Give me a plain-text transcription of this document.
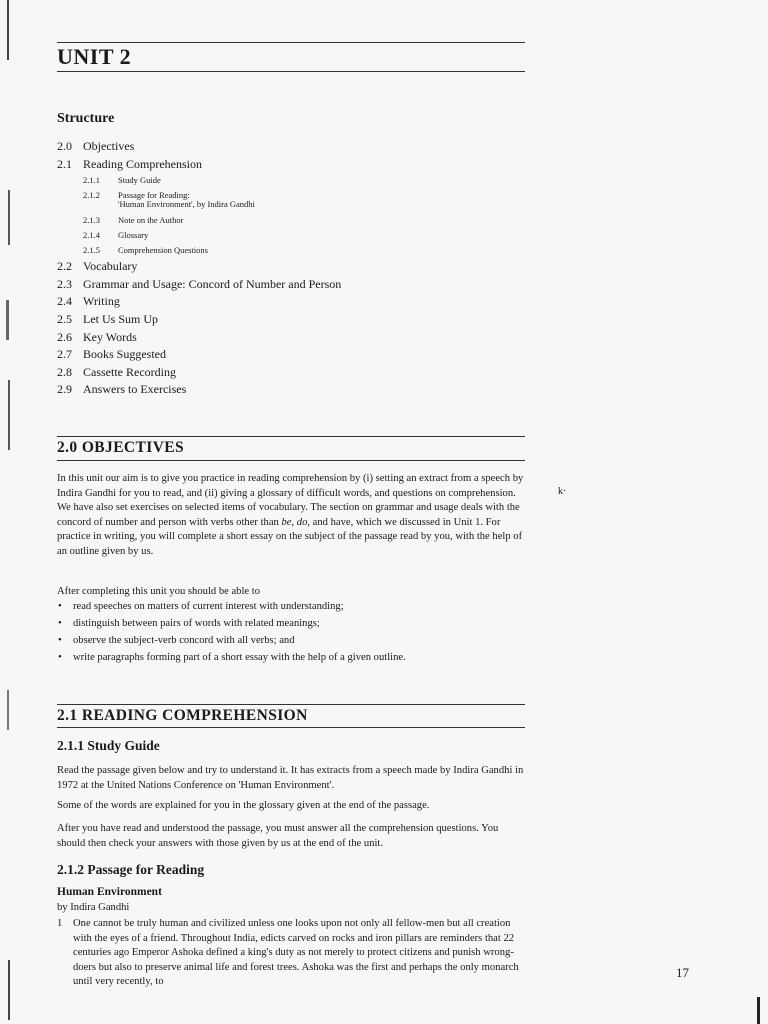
UNIT 2
Structure
2.0 Objectives
2.1 Reading Comprehension
2.1.1 Study Guide
2.1.2 Passage for Reading:
'Human Environment', by Indira Gandhi
2.1.3 Note on the Author
2.1.4 Glossary
2.1.5 Comprehension Questions
2.2 Vocabulary
2.3 Grammar and Usage: Concord of Number and Person
2.4 Writing
2.5 Let Us Sum Up
2.6 Key Words
2.7 Books Suggested
2.8 Cassette Recording
2.9 Answers to Exercises
2.0 OBJECTIVES

In this unit our aim is to give you practice in reading comprehension by (i) setting an extract from a speech by Indira Gandhi for you to read, and (ii) giving a glossary of difficult words, and questions on comprehension. We have also set exercises on selected items of vocabulary. The section on grammar and usage deals with the concord of number and person with verbs other than be, do, and have, which we discussed in Unit 1. For practice in writing, you will complete a short essay on the subject of the passage read by you, with the help of an outline given by us.

k·

After completing this unit you should be able to

• read speeches on matters of current interest with understanding;
• distinguish between pairs of words with related meanings;
• observe the subject-verb concord with all verbs; and
• write paragraphs forming part of a short essay with the help of a given outline.
2.1 READING COMPREHENSION
2.1.1 Study Guide

Read the passage given below and try to understand it. It has extracts from a speech made by Indira Gandhi in 1972 at the United Nations Conference on 'Human Environment'.

Some of the words are explained for you in the glossary given at the end of the passage.

After you have read and understood the passage, you must answer all the comprehension questions. You should then check your answers with those given by us at the end of the unit.

2.1.2 Passage for Reading

Human Environment

by Indira Gandhi

1	One cannot be truly human and civilized unless one looks upon not only all fellow-men but all creation with the eyes of a friend. Throughout India, edicts carved on rocks and iron pillars are reminders that 22 centuries ago Emperor Ashoka defined a king's duty as not merely to protect citizens and punish wrong-doers but also to preserve animal life and forest trees. Ashoka was the first and perhaps the only monarch until very recently, to

17
